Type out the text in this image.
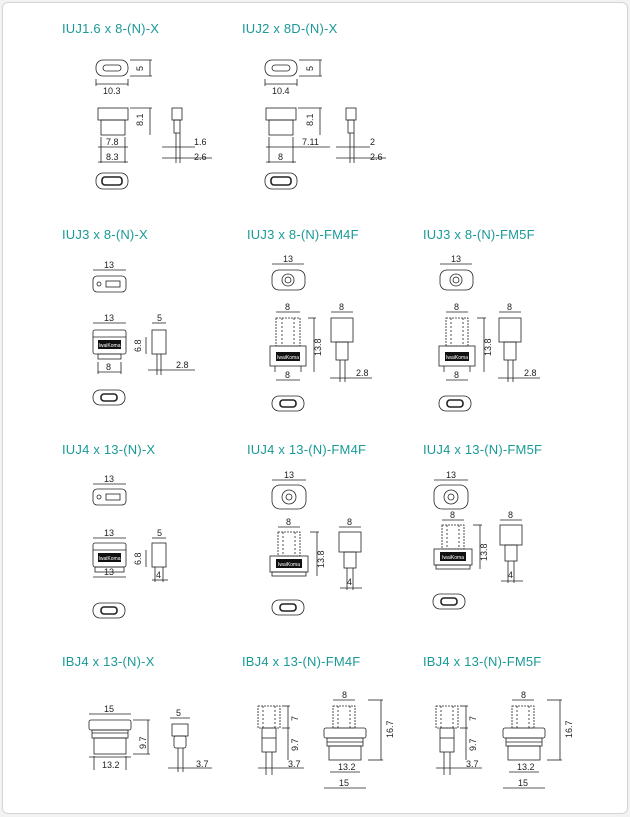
IUJ1.6 x 8-(N)-X	IUJ2 x 8D-(N)-X
IUJ3 x 8-(N)-X	IUJ3 x 8-(N)-FM4F	IUJ3 x 8-(N)-FM5F
IUJ4 x 13-(N)-X	IUJ4 x 13-(N)-FM4F	IUJ4 x 13-(N)-FM5F
IBJ4 x 13-(N)-X	IBJ4 x 13-(N)-FM4F	IBJ4 x 13-(N)-FM5F
IwaiKoma
IwaiKoma	IwaiKoma
IwaiKoma
IwaiKoma
IwaiKoma
5
10.3
8.1
7.8
8.3
1.6
2.6
5
10.4
8.1
8
7.11	2
2.6
13
13	5
6.8
8	2.8
13
8	8
13.8
8	2.8
13
8	8
13.8
8	2.8
13
13	5
6.8
13	4
13
8	8
13.8
4
13
8	8
13.8
4
15	5
9.7
13.2	3.7
8
7
9.7
3.7
16.7
13.2
15
8
7
9.7
3.7
16.7
13.2
15
